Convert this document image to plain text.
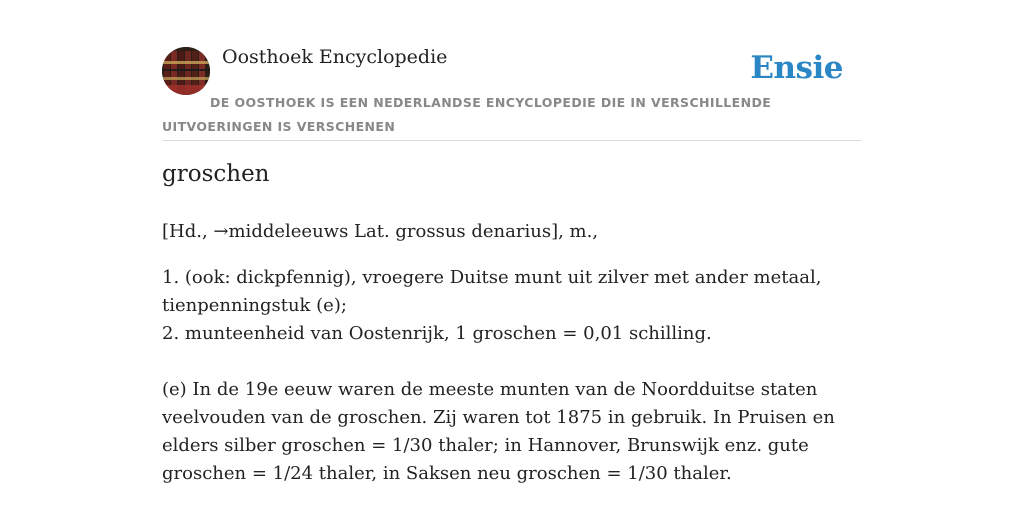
Oosthoek Encyclopedie	Ensie
DE OOSTHOEK IS EEN NEDERLANDSE ENCYCLOPEDIE DIE IN VERSCHILLENDE UITVOERINGEN IS VERSCHENEN
groschen
[Hd., →middeleeuws Lat. grossus denarius], m.,
1. (ook: dickpfennig), vroegere Duitse munt uit zilver met ander metaal, tienpenningstuk (e);
2. munteenheid van Oostenrijk, 1 groschen = 0,01 schilling.
(e) In de 19e eeuw waren de meeste munten van de Noordduitse staten veelvouden van de groschen. Zij waren tot 1875 in gebruik. In Pruisen en elders silber groschen = 1/30 thaler; in Hannover, Brunswijk enz. gute groschen = 1/24 thaler, in Saksen neu groschen = 1/30 thaler.
